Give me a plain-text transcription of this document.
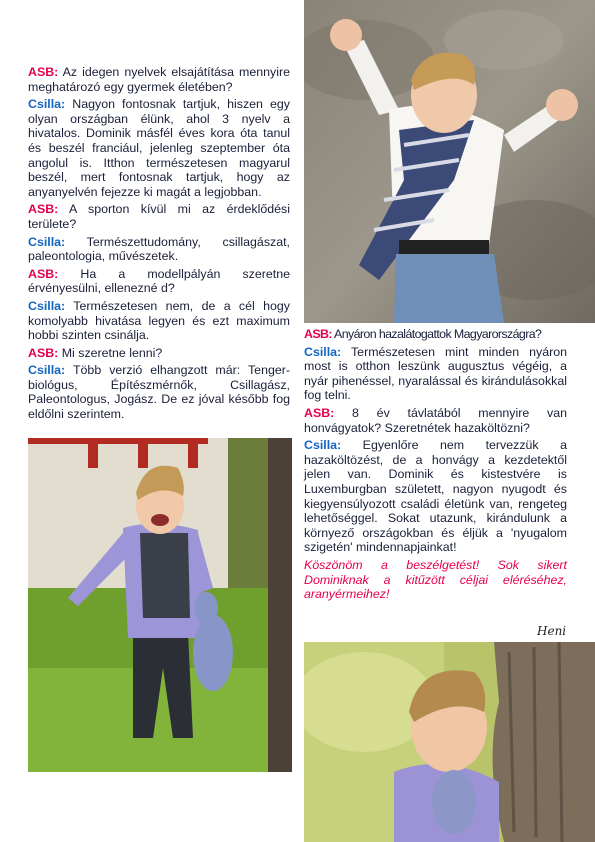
ASB: Az idegen nyelvek elsajátítása mennyire meghatározó egy gyermek életében?

Csilla: Nagyon fontosnak tartjuk, hiszen egy olyan országban élünk, ahol 3 nyelv a hivatalos. Dominik másfél éves kora óta tanul és beszél franciául, jelenleg szeptember óta angolul is. Itthon természetesen magyarul beszél, mert fontosnak tartjuk, hogy az anyanyelvén fejezze ki magát a legjobban.

ASB: A sporton kívül mi az érdeklődési területe?

Csilla: Természettudomány, csillagászat, paleontologia, művészetek.

ASB: Ha a modellpályán szeretne érvényesülni, ellenezné d?

Csilla: Természetesen nem, de a cél hogy komolyabb hivatása legyen és ezt maximum hobbi szinten csinálja.

ASB: Mi szeretne lenni?

Csilla: Több verzió elhangzott már: Tenger-biológus, Építészmérnők, Csillagász, Paleontologus, Jogász. De ez jóval később fog eldőlni szerintem.

ASB: Anyáron hazalátogattok Magyarországra?

Csilla: Természetesen mint minden nyáron most is otthon leszünk augusztus végéig, a nyár pihenéssel, nyaralással és kirándulásokkal fog telni.

ASB: 8 év távlatából mennyire van honvágyatok? Szeretnétek hazaköltözni?

Csilla: Egyenlőre nem tervezzük a hazaköltözést, de a honvágy a kezdetektől jelen van. Dominik és kistestvére is Luxemburgban született, nagyon nyugodt és kiegyensúlyozott családi életünk van, rengeteg lehetőséggel. Sokat utazunk, kirándulunk a környező országokban és éljük a 'nyugalom szigetén' mindennapjainkat!

Köszönöm a beszélgetést! Sok sikert Dominiknak a kitűzött céljai eléréséhez, aranyérmeihez!

Heni
